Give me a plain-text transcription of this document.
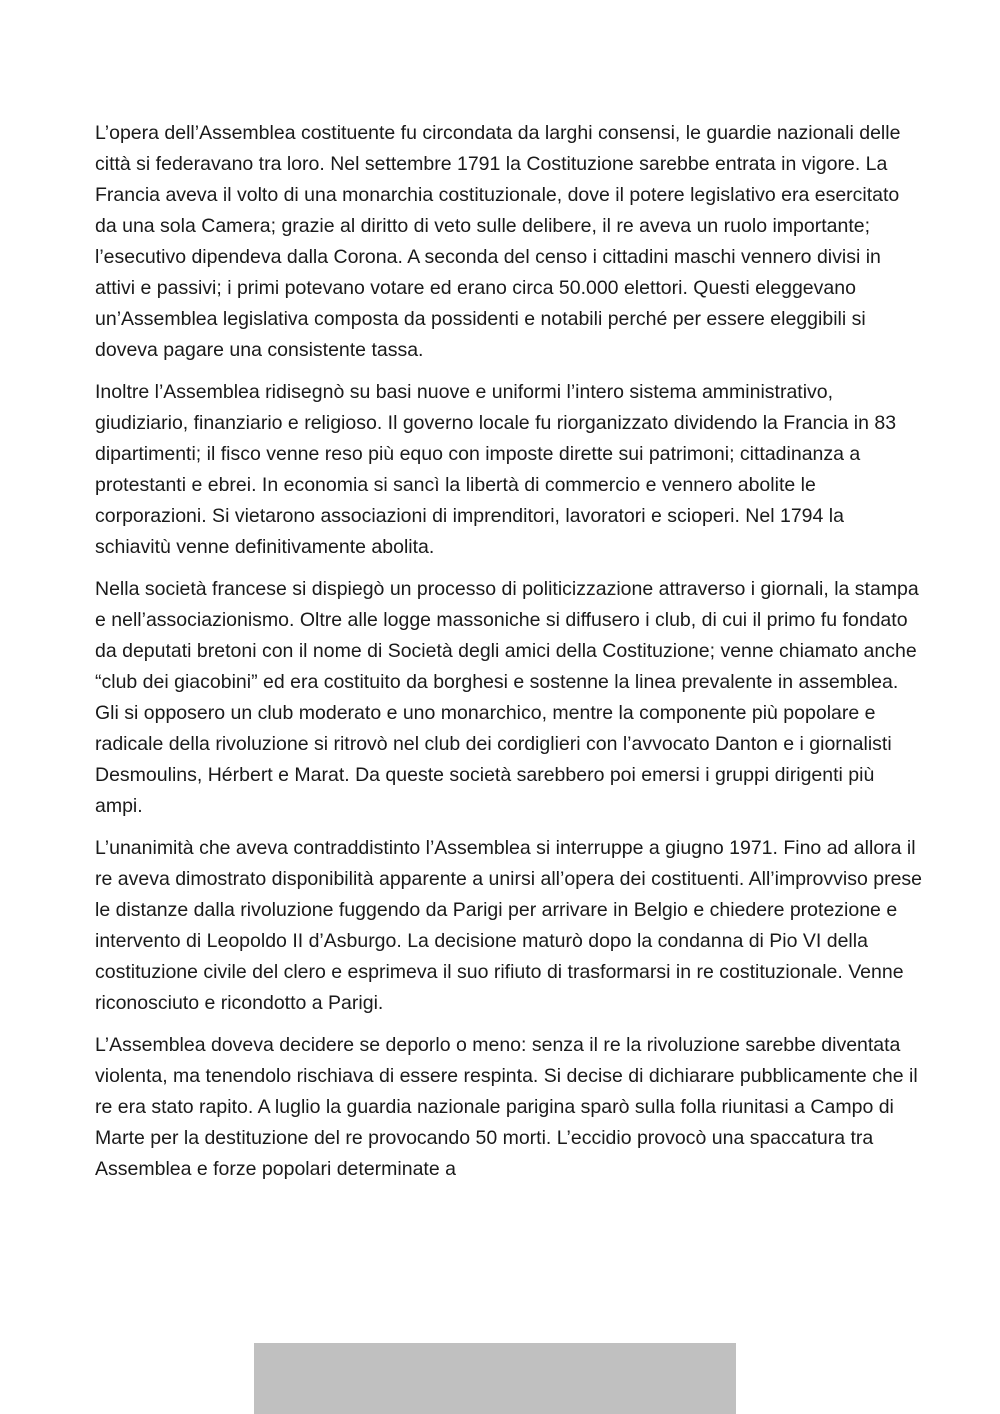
L’opera dell’Assemblea costituente fu circondata da larghi consensi, le guardie nazionali delle città si federavano tra loro. Nel settembre 1791 la Costituzione sarebbe entrata in vigore. La Francia aveva il volto di una monarchia costituzionale, dove il potere legislativo era esercitato da una sola Camera; grazie al diritto di veto sulle delibere, il re aveva un ruolo importante; l’esecutivo dipendeva dalla Corona. A seconda del censo i cittadini maschi vennero divisi in attivi e passivi; i primi potevano votare ed erano circa 50.000 elettori. Questi eleggevano un’Assemblea legislativa composta da possidenti e notabili perché per essere eleggibili si doveva pagare una consistente tassa.

Inoltre l’Assemblea ridisegnò su basi nuove e uniformi l’intero sistema amministrativo, giudiziario, finanziario e religioso. Il governo locale fu riorganizzato dividendo la Francia in 83 dipartimenti; il fisco venne reso più equo con imposte dirette sui patrimoni; cittadinanza a protestanti e ebrei. In economia si sancì la libertà di commercio e vennero abolite le corporazioni. Si vietarono associazioni di imprenditori, lavoratori e scioperi. Nel 1794 la schiavitù venne definitivamente abolita.

Nella società francese si dispiegò un processo di politicizzazione attraverso i giornali, la stampa e nell’associazionismo. Oltre alle logge massoniche si diffusero i club, di cui il primo fu fondato da deputati bretoni con il nome di Società degli amici della Costituzione; venne chiamato anche “club dei giacobini” ed era costituito da borghesi e sostenne la linea prevalente in assemblea. Gli si opposero un club moderato e uno monarchico, mentre la componente più popolare e radicale della rivoluzione si ritrovò nel club dei cordiglieri con l’avvocato Danton e i giornalisti Desmoulins, Hérbert e Marat. Da queste società sarebbero poi emersi i gruppi dirigenti più ampi.

L’unanimità che aveva contraddistinto l’Assemblea si interruppe a giugno 1971. Fino ad allora il re aveva dimostrato disponibilità apparente a unirsi all’opera dei costituenti. All’improvviso prese le distanze dalla rivoluzione fuggendo da Parigi per arrivare in Belgio e chiedere protezione e intervento di Leopoldo II d’Asburgo. La decisione maturò dopo la condanna di Pio VI della costituzione civile del clero e esprimeva il suo rifiuto di trasformarsi in re costituzionale. Venne riconosciuto e ricondotto a Parigi.

L’Assemblea doveva decidere se deporlo o meno: senza il re la rivoluzione sarebbe diventata violenta, ma tenendolo rischiava di essere respinta. Si decise di dichiarare pubblicamente che il re era stato rapito. A luglio la guardia nazionale parigina sparò sulla folla riunitasi a Campo di Marte per la destituzione del re provocando 50 morti. L’eccidio provocò una spaccatura tra Assemblea e forze popolari determinate a
